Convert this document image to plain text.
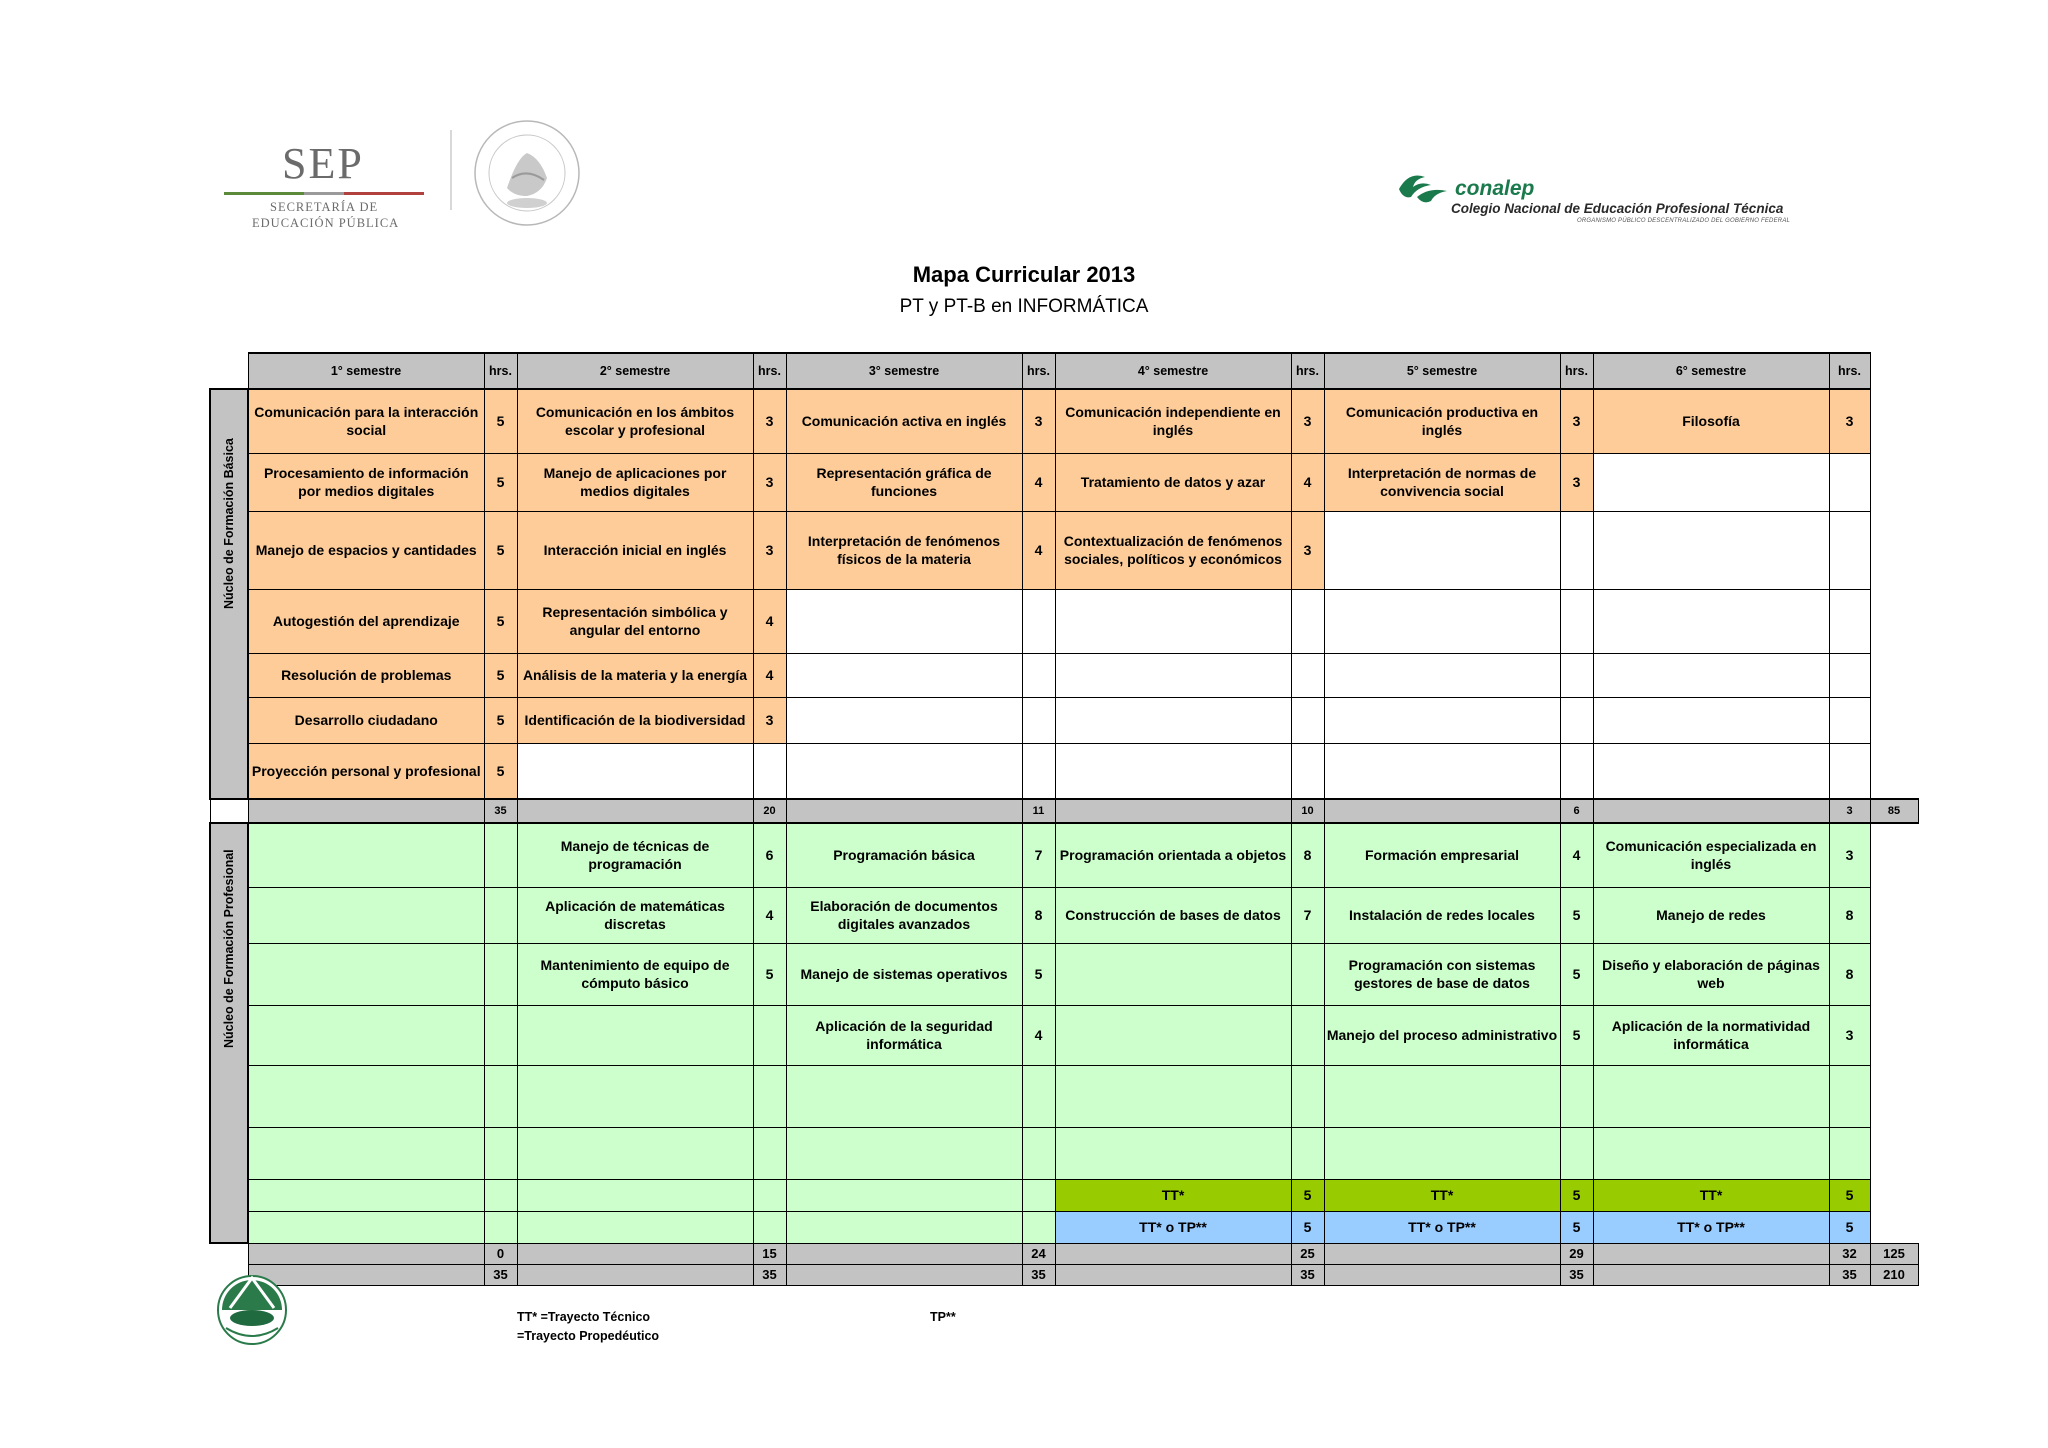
SEP
SECRETARÍA DE
EDUCACIÓN PÚBLICA
conalep
Colegio Nacional de Educación Profesional Técnica
ORGANISMO PÚBLICO DESCENTRALIZADO DEL GOBIERNO FEDERAL
Mapa Curricular 2013
PT y PT-B en INFORMÁTICA
	1° semestre	hrs.	2° semestre	hrs.	3° semestre	hrs.	4° semestre	hrs.	5° semestre	hrs.	6° semestre	hrs.		

Núcleo de Formación Básica	Comunicación para la interacción social	5	Comunicación en los ámbitos escolar y profesional	3	Comunicación activa en inglés	3	Comunicación independiente en inglés	3	Comunicación productiva en inglés	3	Filosofía	3		
	Procesamiento de información por medios digitales	5	Manejo de aplicaciones por medios digitales	3	Representación gráfica de funciones	4	Tratamiento de datos y azar	4	Interpretación de normas de convivencia social	3				
	Manejo de espacios y cantidades	5	Interacción inicial en inglés	3	Interpretación de fenómenos físicos de la materia	4	Contextualización de fenómenos sociales, políticos y económicos	3						
	Autogestión del aprendizaje	5	Representación simbólica y angular del entorno	4										
	Resolución de problemas	5	Análisis de la materia y la energía	4										
	Desarrollo ciudadano	5	Identificación de la biodiversidad	3										
	Proyección personal y profesional	5												
		35		20		11		10		6		3	85	

Núcleo de Formación Profesional			Manejo de técnicas de programación	6	Programación básica	7	Programación orientada a objetos	8	Formación empresarial	4	Comunicación especializada en inglés	3		
			Aplicación de matemáticas discretas	4	Elaboración de documentos digitales avanzados	8	Construcción de bases de datos	7	Instalación de redes locales	5	Manejo de redes	8		
			Mantenimiento de equipo de cómputo básico	5	Manejo de sistemas operativos	5			Programación con sistemas gestores de base de datos	5	Diseño y elaboración de páginas web	8		
					Aplicación de la seguridad informática	4			Manejo del proceso administrativo	5	Aplicación de la normatividad informática	3		

							TT*	5	TT*	5	TT*	5		
							TT* o TP**	5	TT* o TP**	5	TT* o TP**	5		
		0		15		24		25		29		32	125	
		35		35		35		35		35		35	210	
TT* =Trayecto Técnico
=Trayecto Propedéutico
TP**
